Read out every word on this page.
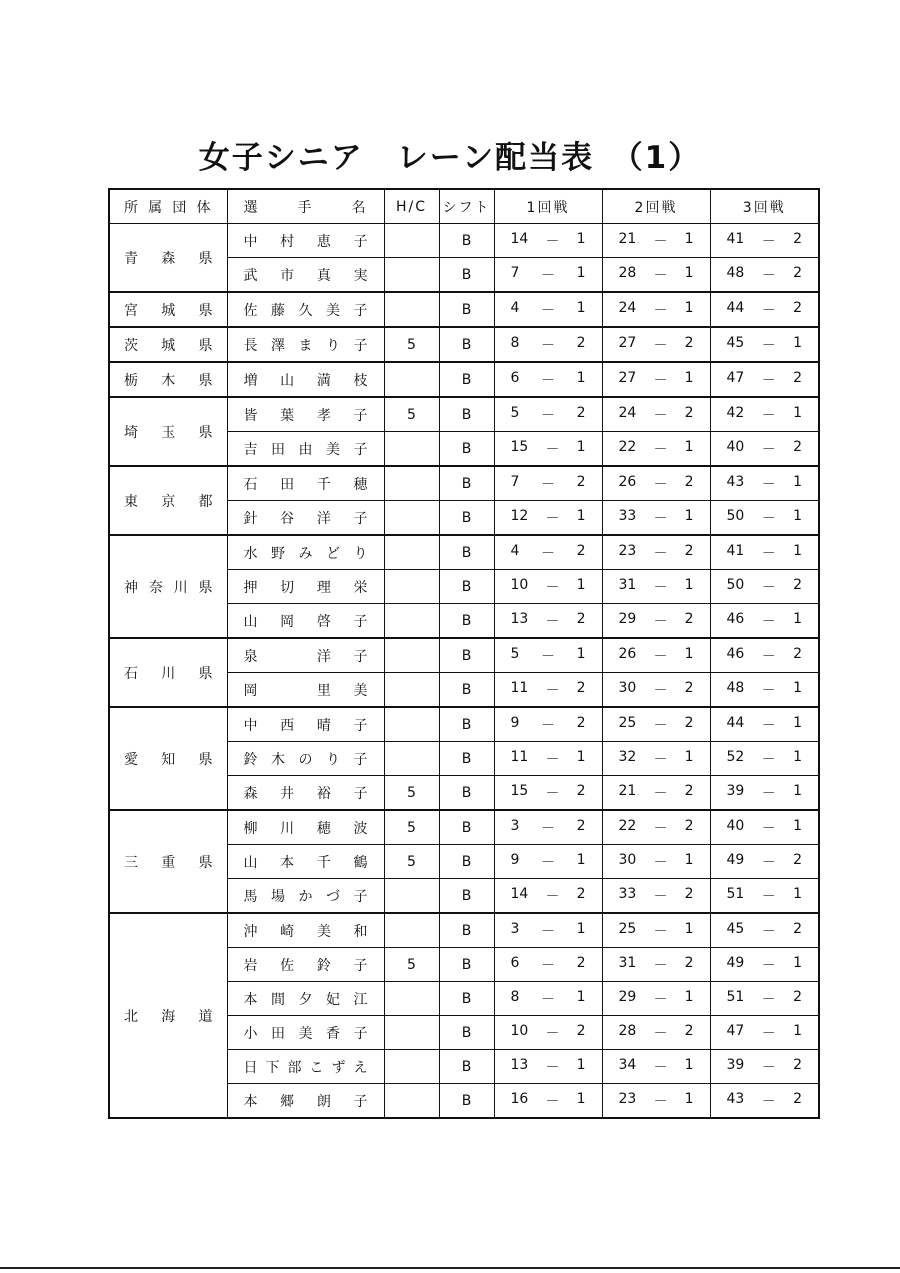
女子シニア　レーン配当表　（1）
所属団体	選手名	H/C	シフト	1回戦	2回戦	3回戦
青森県	中村恵子		B	14 － 1	21 － 1	41 － 2

	武市真実		B	7 － 1	28 － 1	48 － 2

宮城県	佐藤久美子		B	4 － 1	24 － 1	44 － 2

茨城県	長澤まり子	5	B	8 － 2	27 － 2	45 － 1

栃木県	増山満枝		B	6 － 1	27 － 1	47 － 2

埼玉県	皆葉孝子	5	B	5 － 2	24 － 2	42 － 1

	吉田由美子		B	15 － 1	22 － 1	40 － 2

東京都	石田千穂		B	7 － 2	26 － 2	43 － 1

	針谷洋子		B	12 － 1	33 － 1	50 － 1

神奈川県	水野みどり		B	4 － 2	23 － 2	41 － 1

	押切理栄		B	10 － 1	31 － 1	50 － 2

	山岡啓子		B	13 － 2	29 － 2	46 － 1

石川県	泉　洋子		B	5 － 1	26 － 1	46 － 2

	岡　里美		B	11 － 2	30 － 2	48 － 1

愛知県	中西晴子		B	9 － 2	25 － 2	44 － 1

	鈴木のり子		B	11 － 1	32 － 1	52 － 1

	森井裕子	5	B	15 － 2	21 － 2	39 － 1

三重県	柳川穂波	5	B	3 － 2	22 － 2	40 － 1

	山本千鶴	5	B	9 － 1	30 － 1	49 － 2

	馬場かづ子		B	14 － 2	33 － 2	51 － 1

北海道	沖崎美和		B	3 － 1	25 － 1	45 － 2

	岩佐鈴子	5	B	6 － 2	31 － 2	49 － 1

	本間夕妃江		B	8 － 1	29 － 1	51 － 2

	小田美香子		B	10 － 2	28 － 2	47 － 1

	日下部こずえ		B	13 － 1	34 － 1	39 － 2

	本郷朗子		B	16 － 1	23 － 1	43 － 2
